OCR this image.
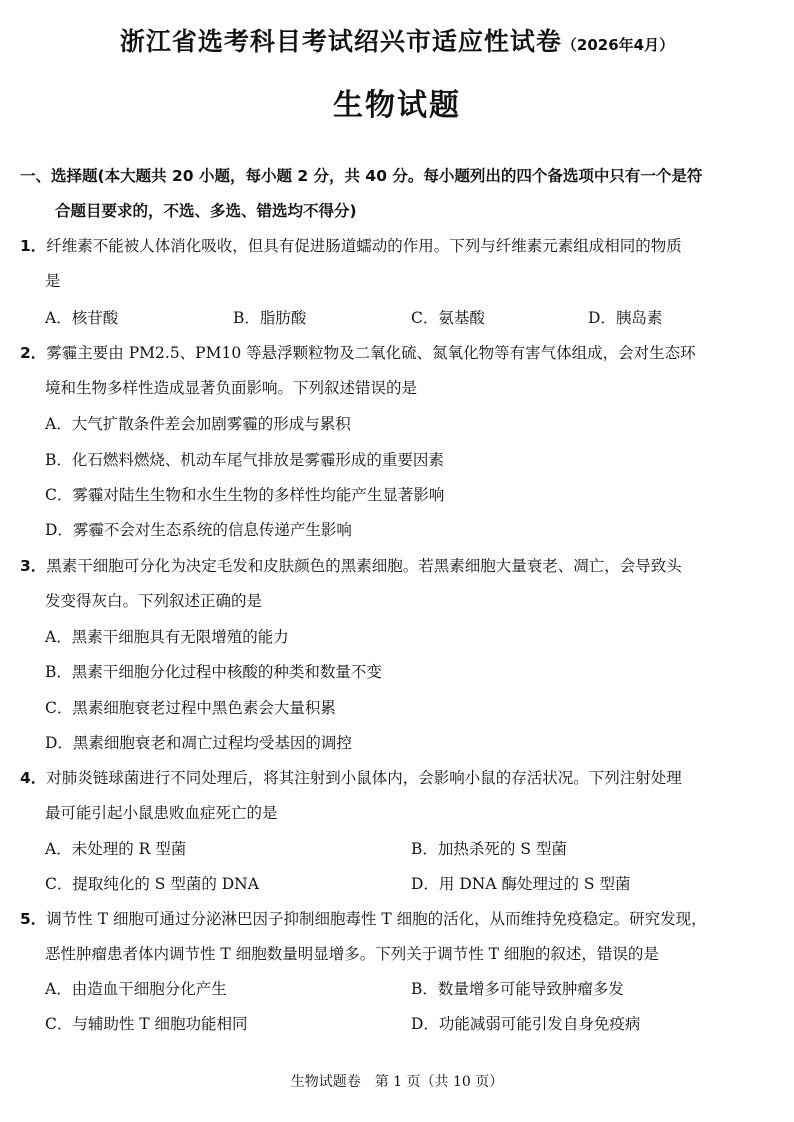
浙江省选考科目考试绍兴市适应性试卷（2026年4月）
生物试题
一、选择题(本大题共 20 小题，每小题 2 分，共 40 分。每小题列出的四个备选项中只有一个是符
合题目要求的，不选、多选、错选均不得分)
1．纤维素不能被人体消化吸收，但具有促进肠道蠕动的作用。下列与纤维素元素组成相同的物质
是
A．核苷酸	B．脂肪酸	C．氨基酸	D．胰岛素
2．雾霾主要由 PM2.5、PM10 等悬浮颗粒物及二氧化硫、氮氧化物等有害气体组成，会对生态环
境和生物多样性造成显著负面影响。下列叙述错误的是
A．大气扩散条件差会加剧雾霾的形成与累积
B．化石燃料燃烧、机动车尾气排放是雾霾形成的重要因素
C．雾霾对陆生生物和水生生物的多样性均能产生显著影响
D．雾霾不会对生态系统的信息传递产生影响
3．黑素干细胞可分化为决定毛发和皮肤颜色的黑素细胞。若黑素细胞大量衰老、凋亡，会导致头
发变得灰白。下列叙述正确的是
A．黑素干细胞具有无限增殖的能力
B．黑素干细胞分化过程中核酸的种类和数量不变
C．黑素细胞衰老过程中黑色素会大量积累
D．黑素细胞衰老和凋亡过程均受基因的调控
4．对肺炎链球菌进行不同处理后，将其注射到小鼠体内，会影响小鼠的存活状况。下列注射处理
最可能引起小鼠患败血症死亡的是
A．未处理的 R 型菌	B．加热杀死的 S 型菌
C．提取纯化的 S 型菌的 DNA	D．用 DNA 酶处理过的 S 型菌
5．调节性 T 细胞可通过分泌淋巴因子抑制细胞毒性 T 细胞的活化，从而维持免疫稳定。研究发现，
恶性肿瘤患者体内调节性 T 细胞数量明显增多。下列关于调节性 T 细胞的叙述，错误的是
A．由造血干细胞分化产生	B．数量增多可能导致肿瘤多发
C．与辅助性 T 细胞功能相同	D．功能减弱可能引发自身免疫病
生物试题卷　第 1 页（共 10 页）
